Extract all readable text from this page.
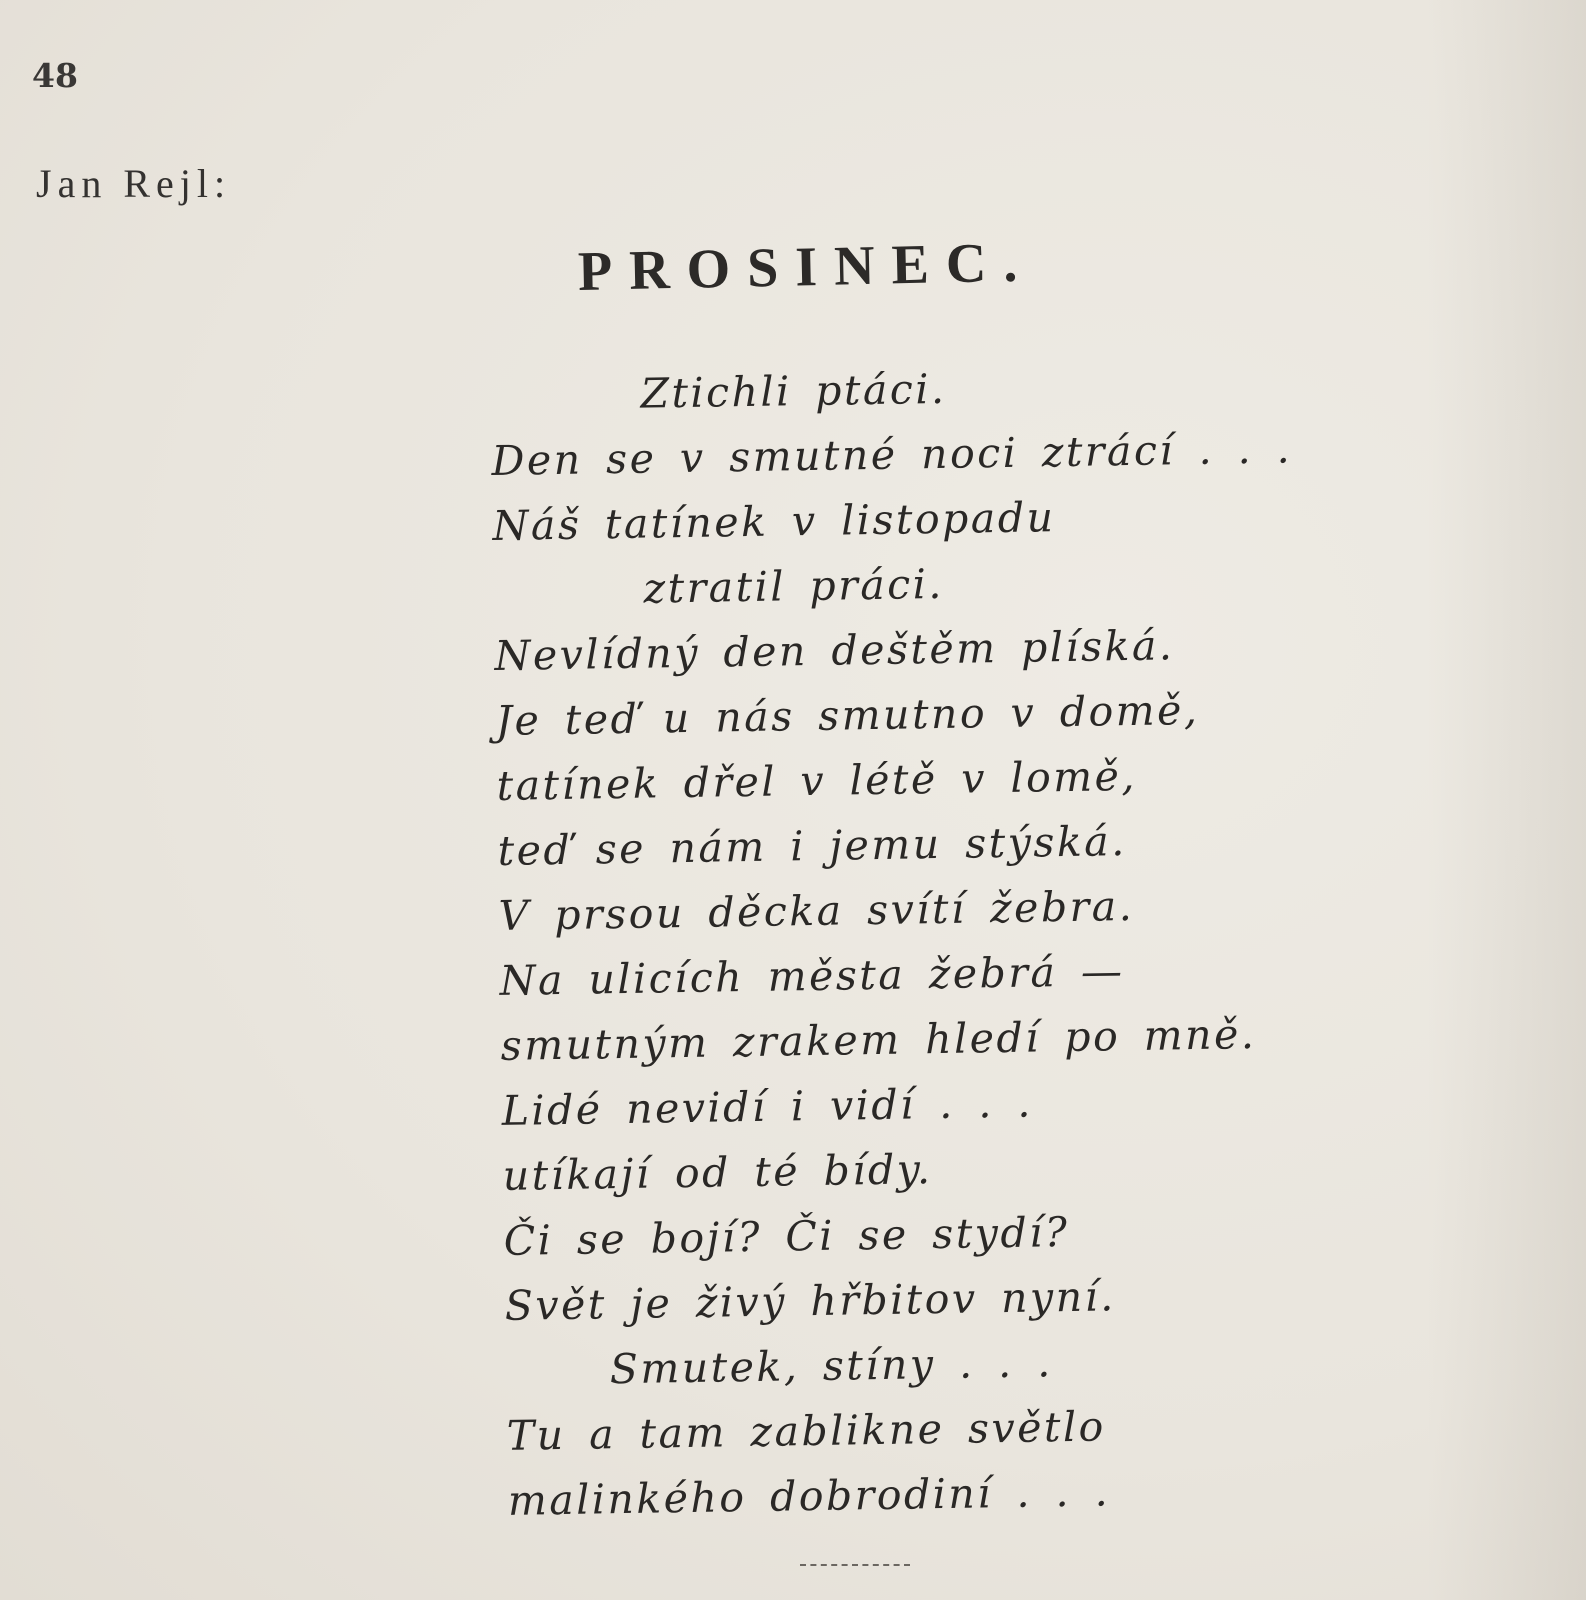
48
Jan Rejl:
PROSINEC.
Ztichli ptáci.
Den se v smutné noci ztrácí . . .
Náš tatínek v listopadu
ztratil práci.
Nevlídný den deštěm plíská.
Je teď u nás smutno v domě,
tatínek dřel v létě v lomě,
teď se nám i jemu stýská.
V prsou děcka svítí žebra.
Na ulicích města žebrá —
smutným zrakem hledí po mně.
Lidé nevidí i vidí . . .
utíkají od té bídy.
Či se bojí? Či se stydí?
Svět je živý hřbitov nyní.
Smutek, stíny . . .
Tu a tam zablikne světlo
malinkého dobrodiní . . .
